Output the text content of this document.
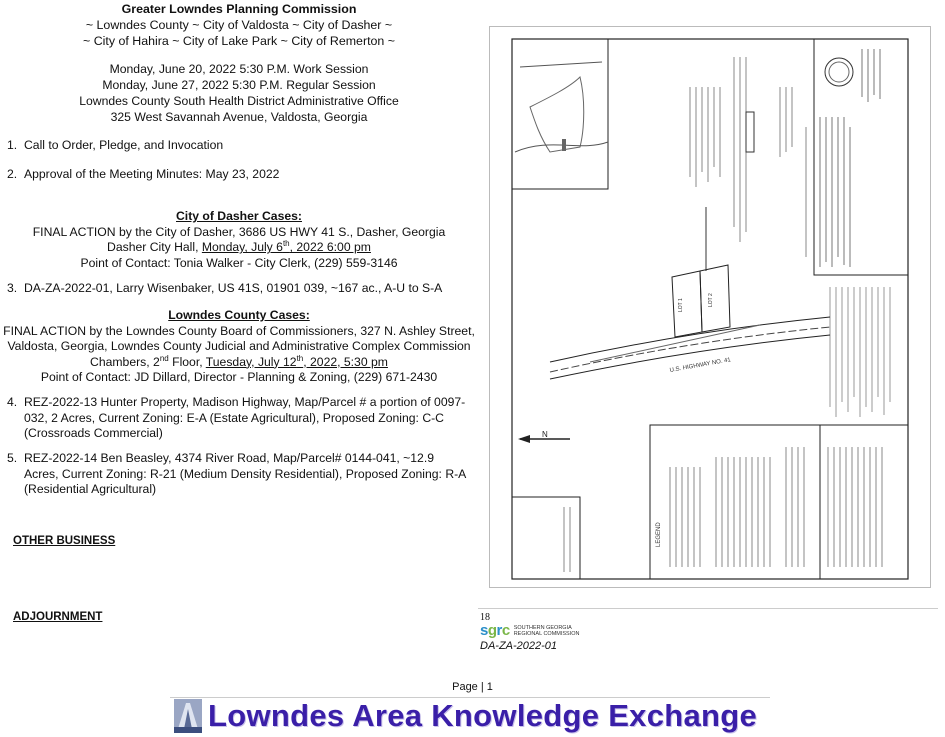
Greater Lowndes Planning Commission
~ Lowndes County ~ City of Valdosta ~ City of Dasher ~
~ City of Hahira ~ City of Lake Park ~ City of Remerton ~
Monday, June 20, 2022 5:30 P.M. Work Session
Monday, June 27, 2022 5:30 P.M. Regular Session
Lowndes County South Health District Administrative Office
325 West Savannah Avenue, Valdosta, Georgia
1. Call to Order, Pledge, and Invocation
2. Approval of the Meeting Minutes: May 23, 2022
City of Dasher Cases:
FINAL ACTION by the City of Dasher, 3686 US HWY 41 S., Dasher, Georgia
Dasher City Hall, Monday, July 6th, 2022 6:00 pm
Point of Contact: Tonia Walker - City Clerk, (229) 559-3146
3. DA-ZA-2022-01, Larry Wisenbaker, US 41S, 01901 039, ~167 ac., A-U to S-A
Lowndes County Cases:
FINAL ACTION by the Lowndes County Board of Commissioners, 327 N. Ashley Street,
Valdosta, Georgia, Lowndes County Judicial and Administrative Complex Commission
Chambers, 2nd Floor, Tuesday, July 12th, 2022, 5:30 pm
Point of Contact: JD Dillard, Director - Planning & Zoning, (229) 671-2430
4. REZ-2022-13 Hunter Property, Madison Highway, Map/Parcel # a portion of 0097-032, 2 Acres, Current Zoning: E-A (Estate Agricultural), Proposed Zoning: C-C (Crossroads Commercial)
5. REZ-2022-14 Ben Beasley, 4374 River Road, Map/Parcel# 0144-041, ~12.9 Acres, Current Zoning: R-21 (Medium Density Residential), Proposed Zoning: R-A (Residential Agricultural)
OTHER BUSINESS
ADJOURNMENT
U.S. HIGHWAY NO. 41
LOT 1	LOT 2
N
LEGEND
18
sgrc SOUTHERN GEORGIA
REGIONAL COMMISSION
DA-ZA-2022-01
Page | 1
Lowndes Area Knowledge Exchange
